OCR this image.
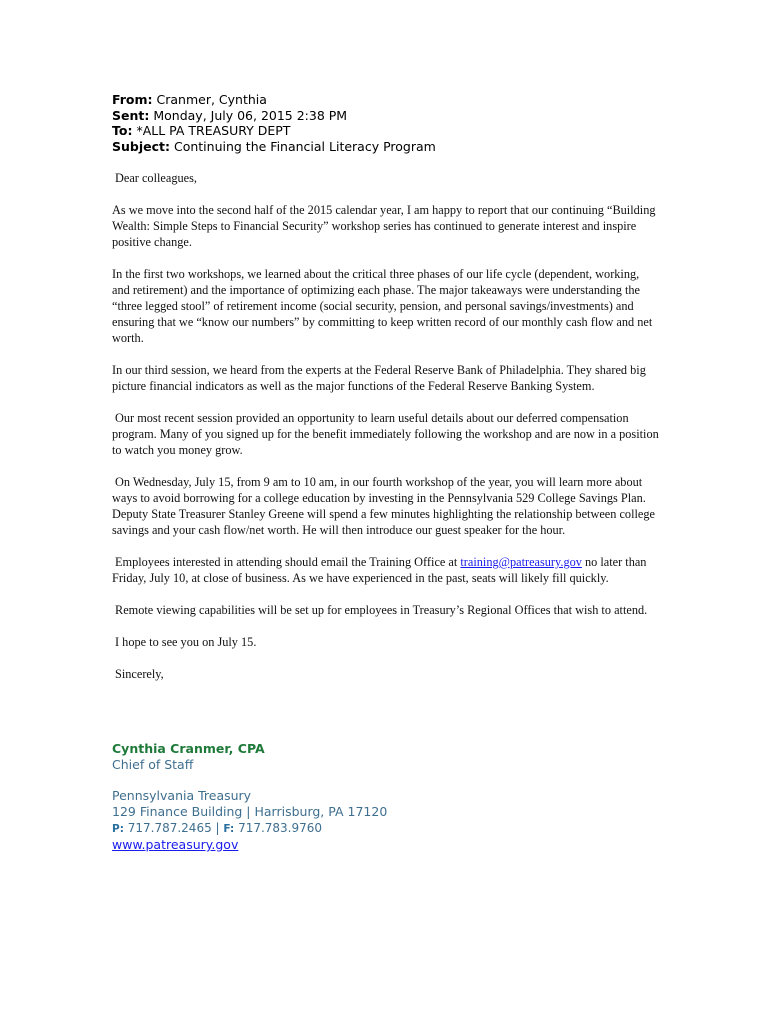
From: Cranmer, Cynthia
Sent: Monday, July 06, 2015 2:38 PM
To: *ALL PA TREASURY DEPT
Subject: Continuing the Financial Literacy Program

Dear colleagues,

As we move into the second half of the 2015 calendar year, I am happy to report that our continuing “Building Wealth: Simple Steps to Financial Security” workshop series has continued to generate interest and inspire positive change.

In the first two workshops, we learned about the critical three phases of our life cycle (dependent, working, and retirement) and the importance of optimizing each phase. The major takeaways were understanding the “three legged stool” of retirement income (social security, pension, and personal savings/investments) and ensuring that we “know our numbers” by committing to keep written record of our monthly cash flow and net worth.

In our third session, we heard from the experts at the Federal Reserve Bank of Philadelphia. They shared big picture financial indicators as well as the major functions of the Federal Reserve Banking System.

Our most recent session provided an opportunity to learn useful details about our deferred compensation program. Many of you signed up for the benefit immediately following the workshop and are now in a position to watch you money grow.

On Wednesday, July 15, from 9 am to 10 am, in our fourth workshop of the year, you will learn more about ways to avoid borrowing for a college education by investing in the Pennsylvania 529 College Savings Plan. Deputy State Treasurer Stanley Greene will spend a few minutes highlighting the relationship between college savings and your cash flow/net worth. He will then introduce our guest speaker for the hour.

Employees interested in attending should email the Training Office at training@patreasury.gov no later than Friday, July 10, at close of business. As we have experienced in the past, seats will likely fill quickly.

Remote viewing capabilities will be set up for employees in Treasury’s Regional Offices that wish to attend.

I hope to see you on July 15.

Sincerely,

Cynthia Cranmer, CPA
Chief of Staff
Pennsylvania Treasury
129 Finance Building | Harrisburg, PA 17120
P: 717.787.2465 | F: 717.783.9760
www.patreasury.gov
